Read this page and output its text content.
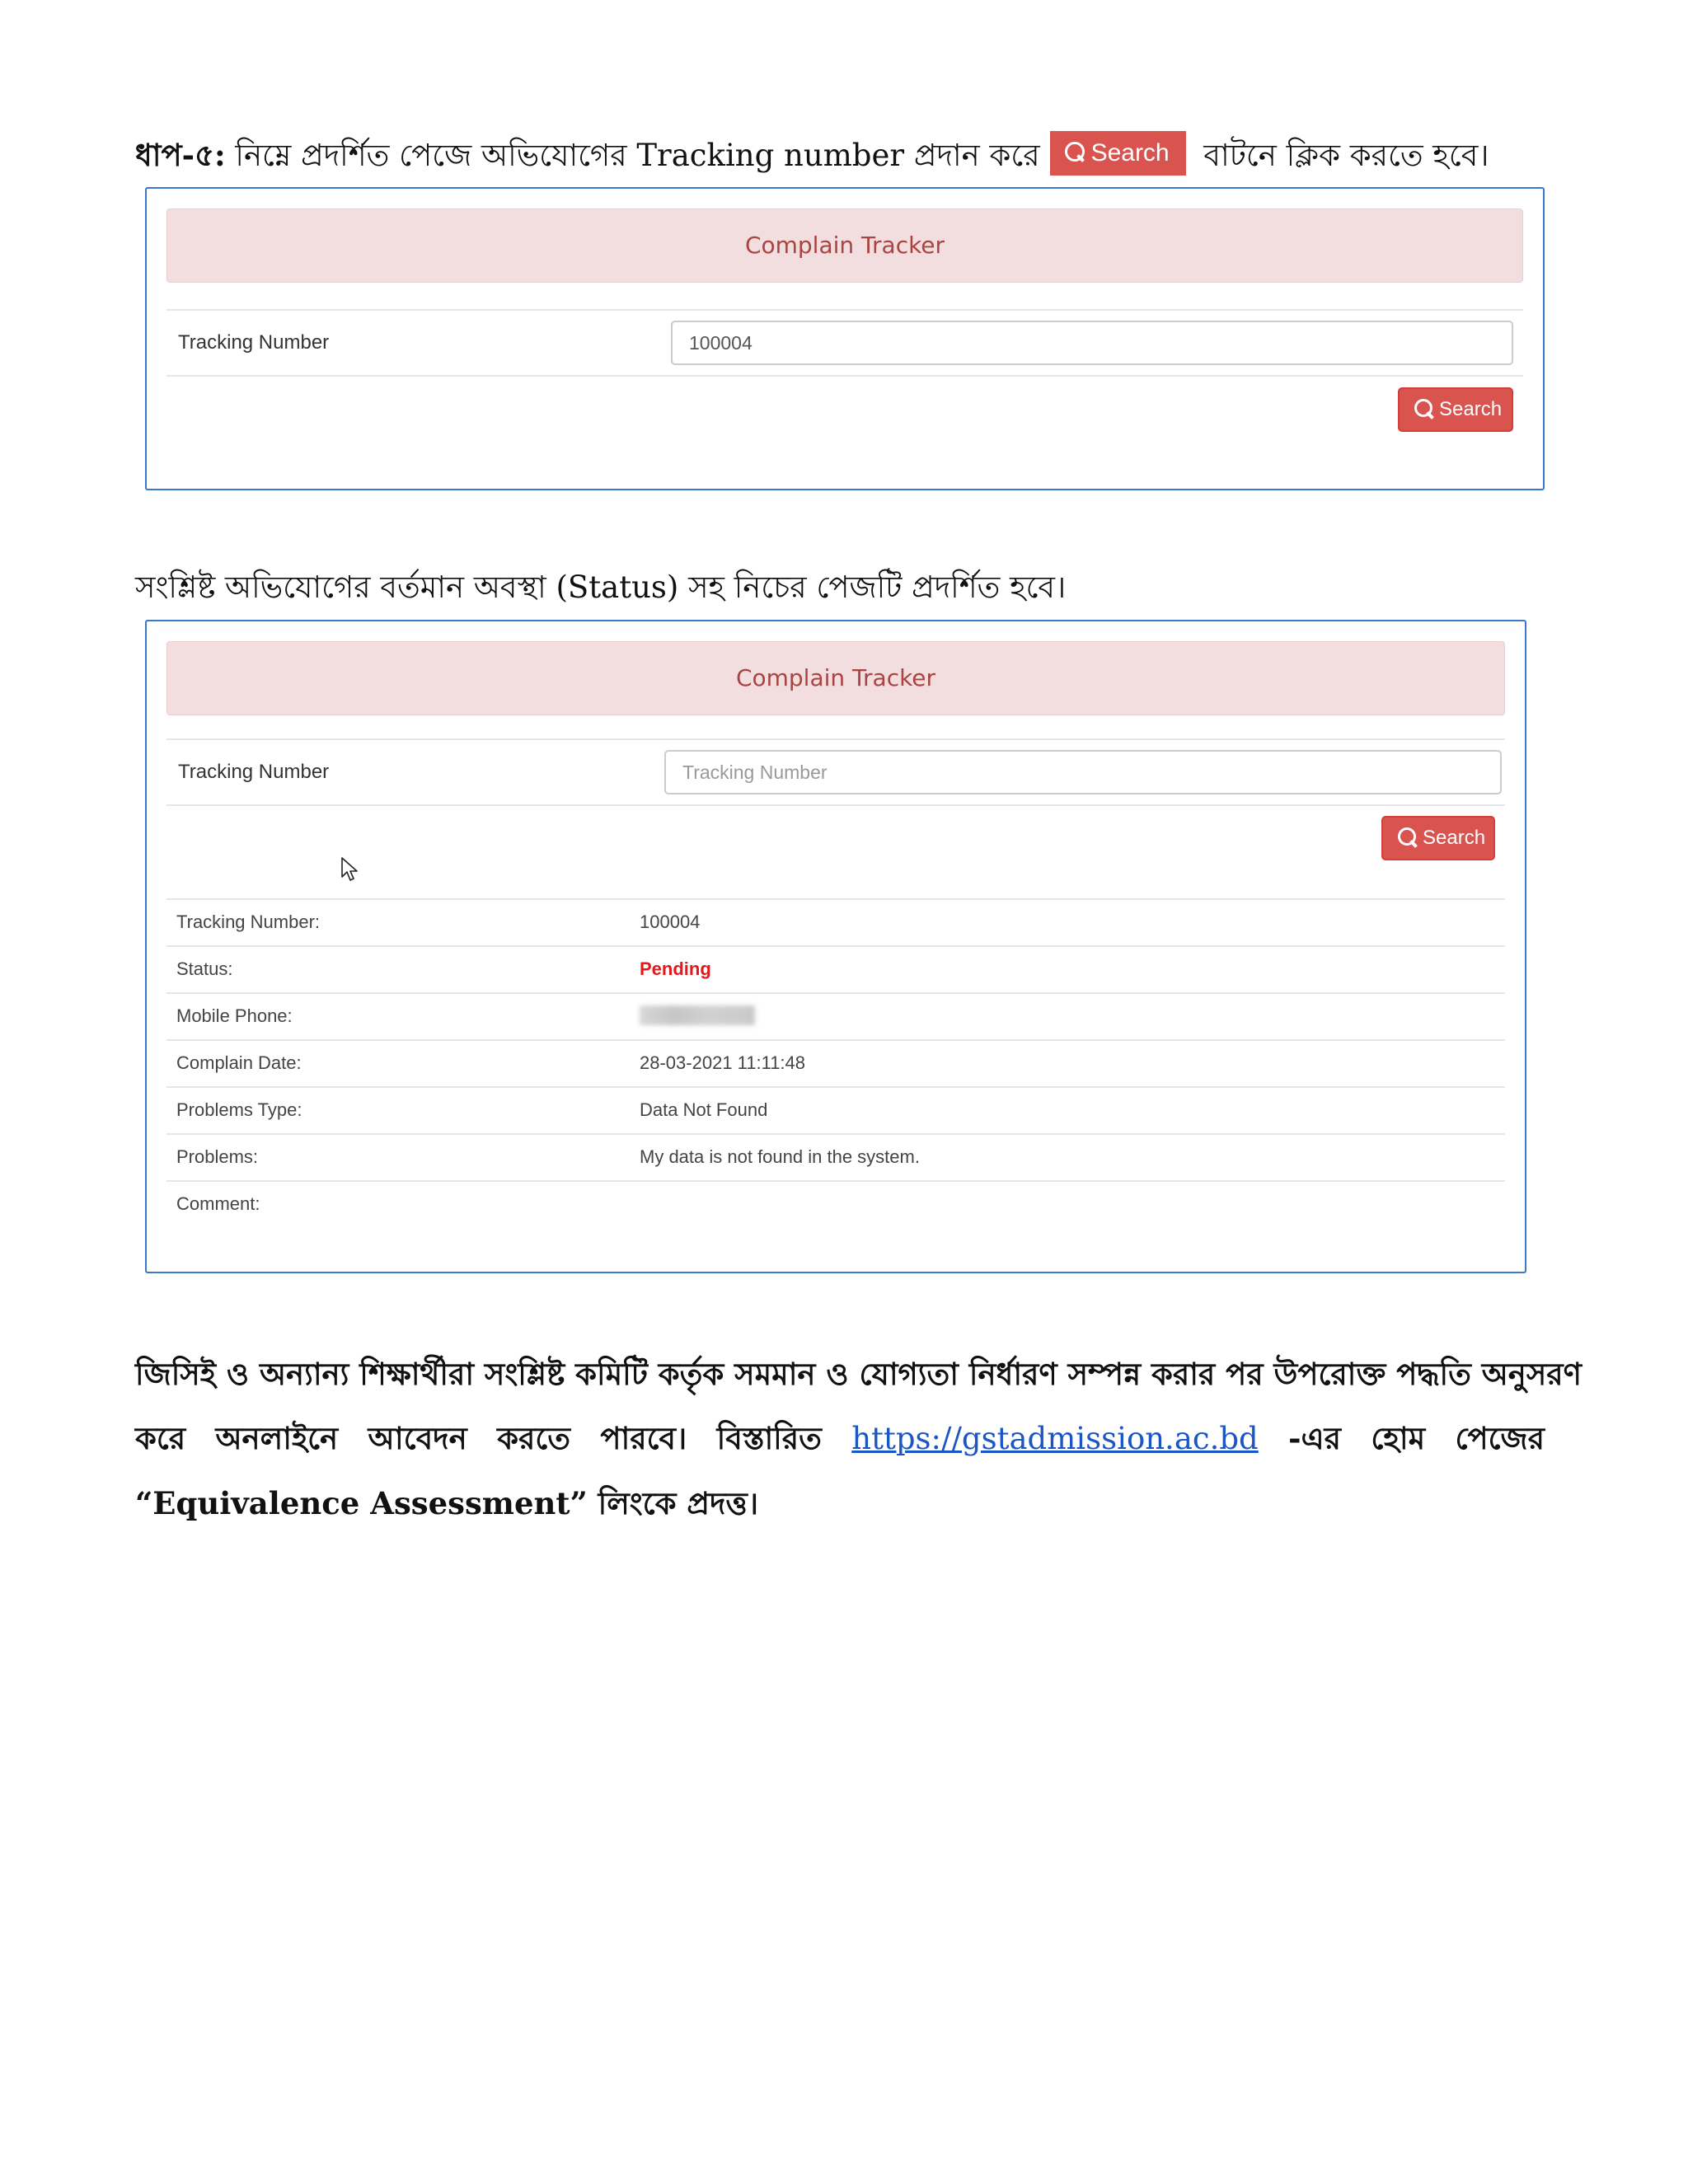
ধাপ-৫: নিম্নে প্রদর্শিত পেজে অভিযোগের Tracking number প্রদান করে Search বাটনে ক্লিক করতে হবে।
Complain Tracker
Tracking Number	100004
Search
সংশ্লিষ্ট অভিযোগের বর্তমান অবস্থা (Status) সহ নিচের পেজটি প্রদর্শিত হবে।
Complain Tracker
Tracking Number	Tracking Number
Search
Tracking Number:	100004
Status:	Pending
Mobile Phone:
Complain Date:	28-03-2021 11:11:48
Problems Type:	Data Not Found
Problems:	My data is not found in the system.
Comment:
জিসিই ও অন্যান্য শিক্ষার্থীরা সংশ্লিষ্ট কমিটি কর্তৃক সমমান ও যোগ্যতা নির্ধারণ সম্পন্ন করার পর উপরোক্ত পদ্ধতি অনুসরণ
করে অনলাইনে আবেদন করতে পারবে। বিস্তারিত https://gstadmission.ac.bd -এর হোম পেজের
“Equivalence Assessment” লিংকে প্রদত্ত।
